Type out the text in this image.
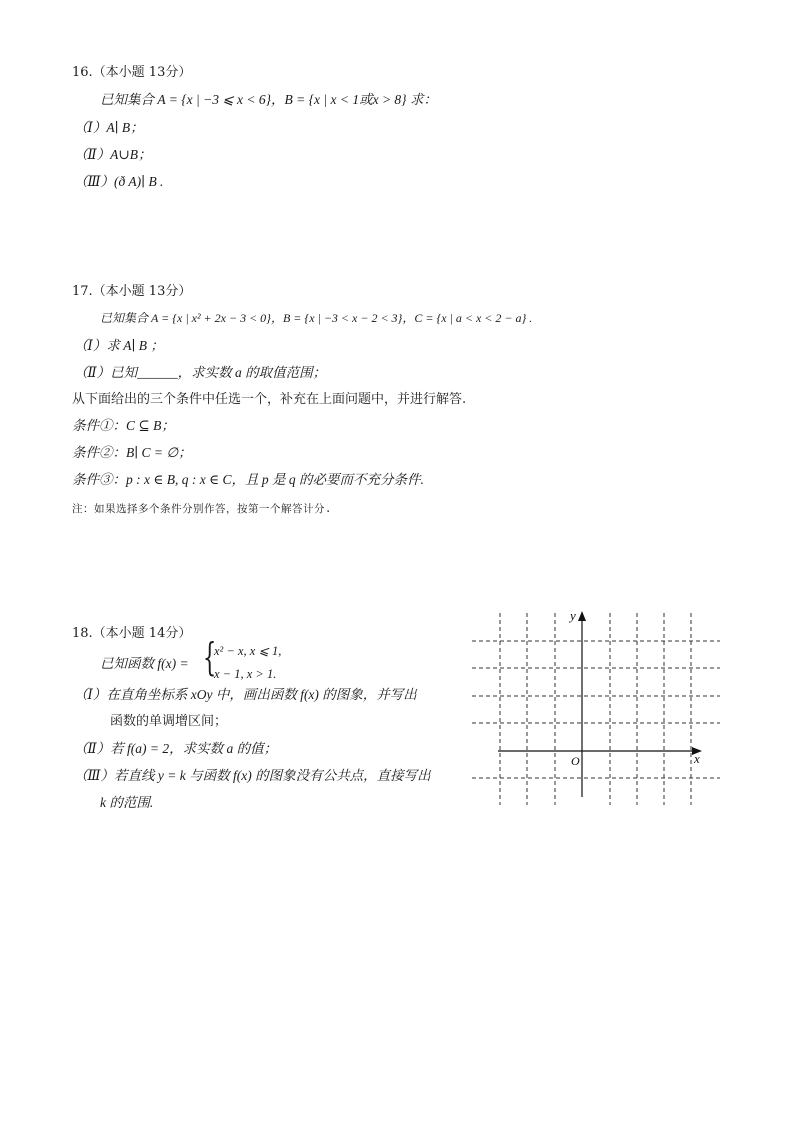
16.（本小题 13分）
已知集合 A = {x | −3 ⩽ x < 6}，B = {x | x < 1或x > 8} 求：
（Ⅰ）A∣ B；
（Ⅱ）A∪B；
（Ⅲ）(ð A)∣ B .
17.（本小题 13分）
已知集合 A = {x | x² + 2x − 3 < 0}，B = {x | −3 < x − 2 < 3}，C = {x | a < x < 2 − a} .
（Ⅰ）求 A∣ B ；
（Ⅱ）已知______，求实数 a 的取值范围；
从下面给出的三个条件中任选一个，补充在上面问题中，并进行解答.
条件①：C ⊆ B；
条件②：B∣ C = ∅；
条件③：p : x ∈ B, q : x ∈ C，且 p 是 q 的必要而不充分条件.
注：如果选择多个条件分别作答，按第一个解答计分.
18.（本小题 14分）
已知函数 f(x) = {
x² − x, x ⩽ 1,
x − 1, x > 1.
（Ⅰ）在直角坐标系 xOy 中，画出函数 f(x) 的图象，并写出
函数的单调增区间；
（Ⅱ）若 f(a) = 2，求实数 a 的值；
（Ⅲ）若直线 y = k 与函数 f(x) 的图象没有公共点，直接写出
k 的范围.
y
x
O
